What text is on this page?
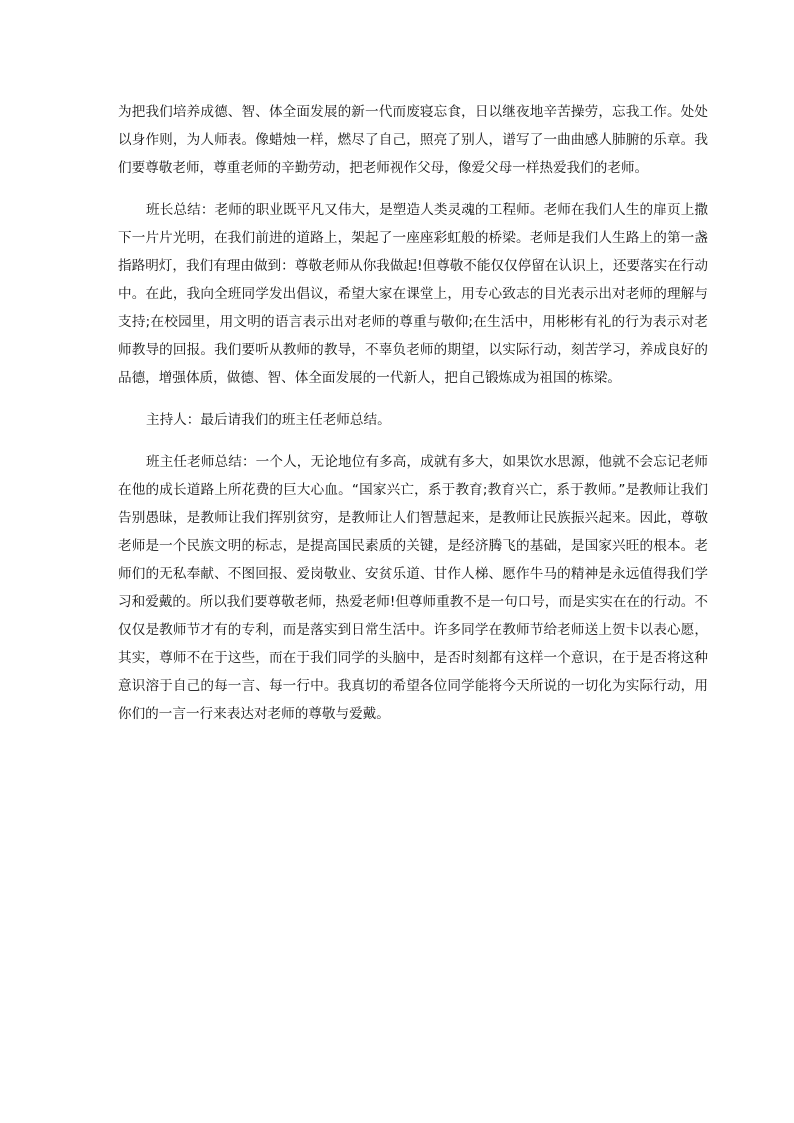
为把我们培养成德、智、体全面发展的新一代而废寝忘食，日以继夜地辛苦操劳，忘我工作。处处以身作则，为人师表。像蜡烛一样，燃尽了自己，照亮了别人，谱写了一曲曲感人肺腑的乐章。我们要尊敬老师，尊重老师的辛勤劳动，把老师视作父母，像爱父母一样热爱我们的老师。

班长总结：老师的职业既平凡又伟大，是塑造人类灵魂的工程师。老师在我们人生的扉页上撒下一片片光明，在我们前进的道路上，架起了一座座彩虹般的桥梁。老师是我们人生路上的第一盏指路明灯，我们有理由做到：尊敬老师从你我做起!但尊敬不能仅仅停留在认识上，还要落实在行动中。在此，我向全班同学发出倡议，希望大家在课堂上，用专心致志的目光表示出对老师的理解与支持;在校园里，用文明的语言表示出对老师的尊重与敬仰;在生活中，用彬彬有礼的行为表示对老师教导的回报。我们要听从教师的教导，不辜负老师的期望，以实际行动，刻苦学习，养成良好的品德，增强体质，做德、智、体全面发展的一代新人，把自己锻炼成为祖国的栋梁。

主持人：最后请我们的班主任老师总结。

班主任老师总结：一个人，无论地位有多高，成就有多大，如果饮水思源，他就不会忘记老师在他的成长道路上所花费的巨大心血。“国家兴亡，系于教育;教育兴亡，系于教师。”是教师让我们告别愚昧，是教师让我们挥别贫穷，是教师让人们智慧起来，是教师让民族振兴起来。因此，尊敬老师是一个民族文明的标志，是提高国民素质的关键，是经济腾飞的基础，是国家兴旺的根本。老师们的无私奉献、不图回报、爱岗敬业、安贫乐道、甘作人梯、愿作牛马的精神是永远值得我们学习和爱戴的。所以我们要尊敬老师，热爱老师!但尊师重教不是一句口号，而是实实在在的行动。不仅仅是教师节才有的专利，而是落实到日常生活中。许多同学在教师节给老师送上贺卡以表心愿，其实，尊师不在于这些，而在于我们同学的头脑中，是否时刻都有这样一个意识，在于是否将这种意识溶于自己的每一言、每一行中。我真切的希望各位同学能将今天所说的一切化为实际行动，用你们的一言一行来表达对老师的尊敬与爱戴。
